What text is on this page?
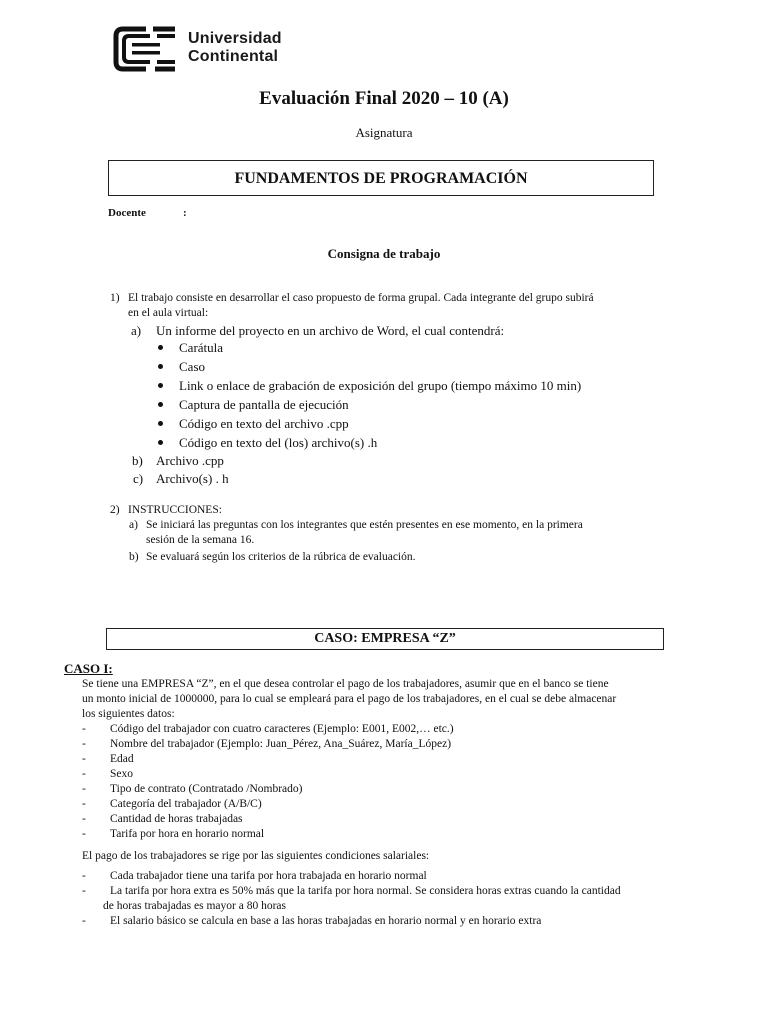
Universidad
Continental
Evaluación Final 2020 – 10 (A)
Asignatura
FUNDAMENTOS DE PROGRAMACIÓN
Docente	:
Consigna de trabajo
1) El trabajo consiste en desarrollar el caso propuesto de forma grupal. Cada integrante del grupo subirá
en el aula virtual:
a) Un informe del proyecto en un archivo de Word, el cual contendrá:
Carátula
Caso
Link o enlace de grabación de exposición del grupo (tiempo máximo 10 min)
Captura de pantalla de ejecución
Código en texto del archivo .cpp
Código en texto del (los) archivo(s) .h
b) Archivo .cpp
c) Archivo(s) . h
2) INSTRUCCIONES:
a) Se iniciará las preguntas con los integrantes que estén presentes en ese momento, en la primera
sesión de la semana 16.
b) Se evaluará según los criterios de la rúbrica de evaluación.
CASO: EMPRESA “Z”
CASO I:
Se tiene una EMPRESA “Z”, en el que desea controlar el pago de los trabajadores, asumir que en el banco se tiene
un monto inicial de 1000000, para lo cual se empleará para el pago de los trabajadores, en el cual se debe almacenar
los siguientes datos:
- Código del trabajador con cuatro caracteres (Ejemplo: E001, E002,… etc.)
- Nombre del trabajador (Ejemplo: Juan_Pérez, Ana_Suárez, María_López)
- Edad
- Sexo
- Tipo de contrato (Contratado /Nombrado)
- Categoría del trabajador (A/B/C)
- Cantidad de horas trabajadas
- Tarifa por hora en horario normal
El pago de los trabajadores se rige por las siguientes condiciones salariales:
- Cada trabajador tiene una tarifa por hora trabajada en horario normal
- La tarifa por hora extra es 50% más que la tarifa por hora normal. Se considera horas extras cuando la cantidad
de horas trabajadas es mayor a 80 horas
- El salario básico se calcula en base a las horas trabajadas en horario normal y en horario extra
